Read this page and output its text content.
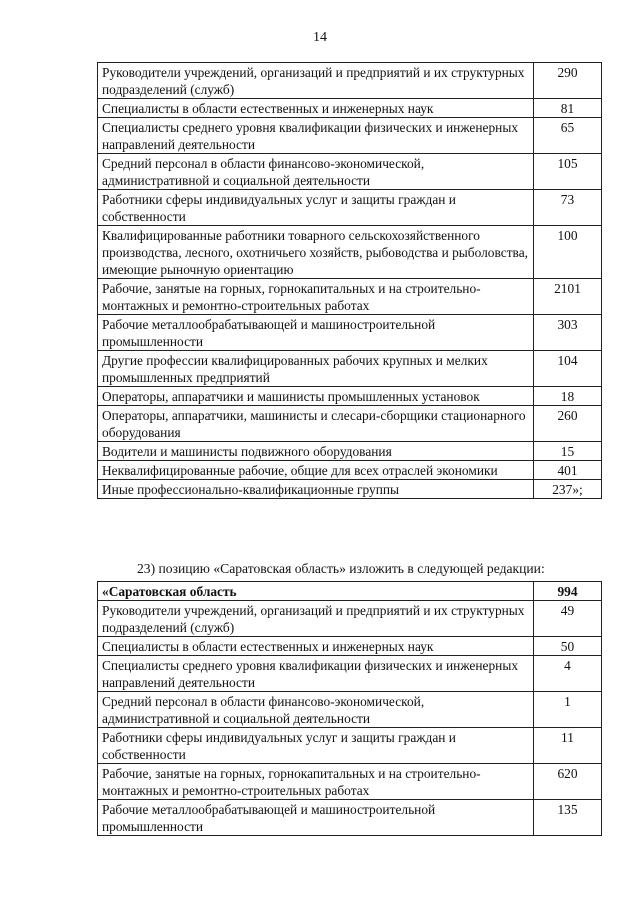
14
Руководители учреждений, организаций и предприятий и их структурных подразделений (служб)	290
Специалисты в области естественных и инженерных наук	81
Специалисты среднего уровня квалификации физических и инженерных направлений деятельности	65
Средний персонал в области финансово-экономической, административной и социальной деятельности	105
Работники сферы индивидуальных услуг и защиты граждан и собственности	73
Квалифицированные работники товарного сельскохозяйственного производства, лесного, охотничьего хозяйств, рыбоводства и рыболовства, имеющие рыночную ориентацию	100
Рабочие, занятые на горных, горнокапитальных и на строительно-монтажных и ремонтно-строительных работах	2101
Рабочие металлообрабатывающей и машиностроительной промышленности	303
Другие профессии квалифицированных рабочих крупных и мелких промышленных предприятий	104
Операторы, аппаратчики и машинисты промышленных установок	18
Операторы, аппаратчики, машинисты и слесари-сборщики стационарного оборудования	260
Водители и машинисты подвижного оборудования	15
Неквалифицированные рабочие, общие для всех отраслей экономики	401
Иные профессионально-квалификационные группы	237»;
23) позицию «Саратовская область» изложить в следующей редакции:
«Саратовская область	994
Руководители учреждений, организаций и предприятий и их структурных подразделений (служб)	49
Специалисты в области естественных и инженерных наук	50
Специалисты среднего уровня квалификации физических и инженерных направлений деятельности	4
Средний персонал в области финансово-экономической, административной и социальной деятельности	1
Работники сферы индивидуальных услуг и защиты граждан и собственности	11
Рабочие, занятые на горных, горнокапитальных и на строительно-монтажных и ремонтно-строительных работах	620
Рабочие металлообрабатывающей и машиностроительной промышленности	135
